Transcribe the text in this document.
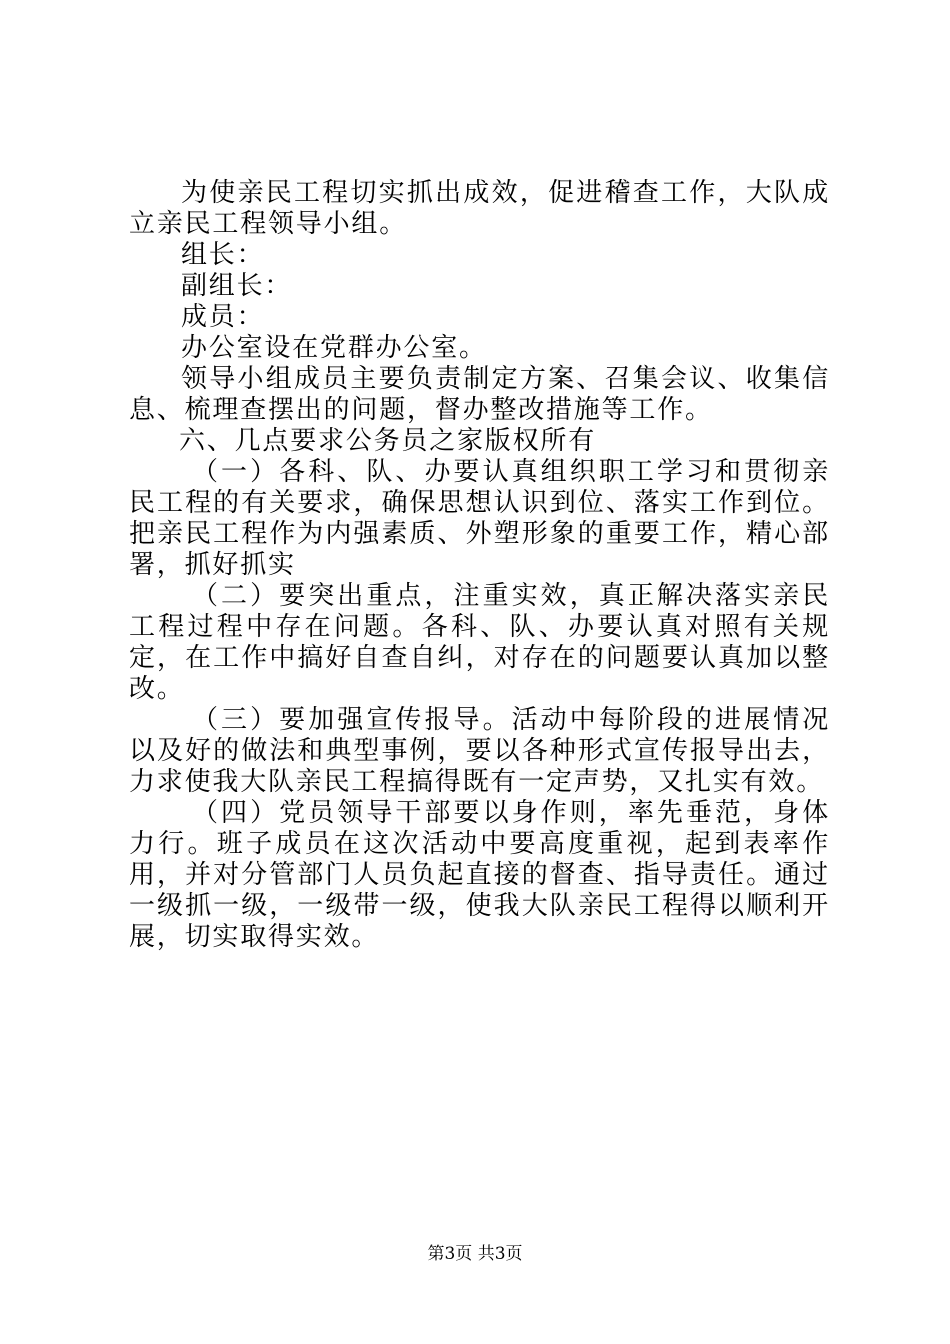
为使亲民工程切实抓出成效，促进稽查工作，大队成立亲民工程领导小组。

组长：

副组长：

成员：

办公室设在党群办公室。

领导小组成员主要负责制定方案、召集会议、收集信息、梳理查摆出的问题，督办整改措施等工作。

六、几点要求公务员之家版权所有

（一）各科、队、办要认真组织职工学习和贯彻亲民工程的有关要求，确保思想认识到位、落实工作到位。把亲民工程作为内强素质、外塑形象的重要工作，精心部署，抓好抓实

（二）要突出重点，注重实效，真正解决落实亲民工程过程中存在问题。各科、队、办要认真对照有关规定，在工作中搞好自查自纠，对存在的问题要认真加以整改。

（三）要加强宣传报导。活动中每阶段的进展情况以及好的做法和典型事例，要以各种形式宣传报导出去，力求使我大队亲民工程搞得既有一定声势，又扎实有效。

（四）党员领导干部要以身作则，率先垂范，身体力行。班子成员在这次活动中要高度重视，起到表率作用，并对分管部门人员负起直接的督查、指导责任。通过一级抓一级，一级带一级，使我大队亲民工程得以顺利开展，切实取得实效。

第3页 共3页
